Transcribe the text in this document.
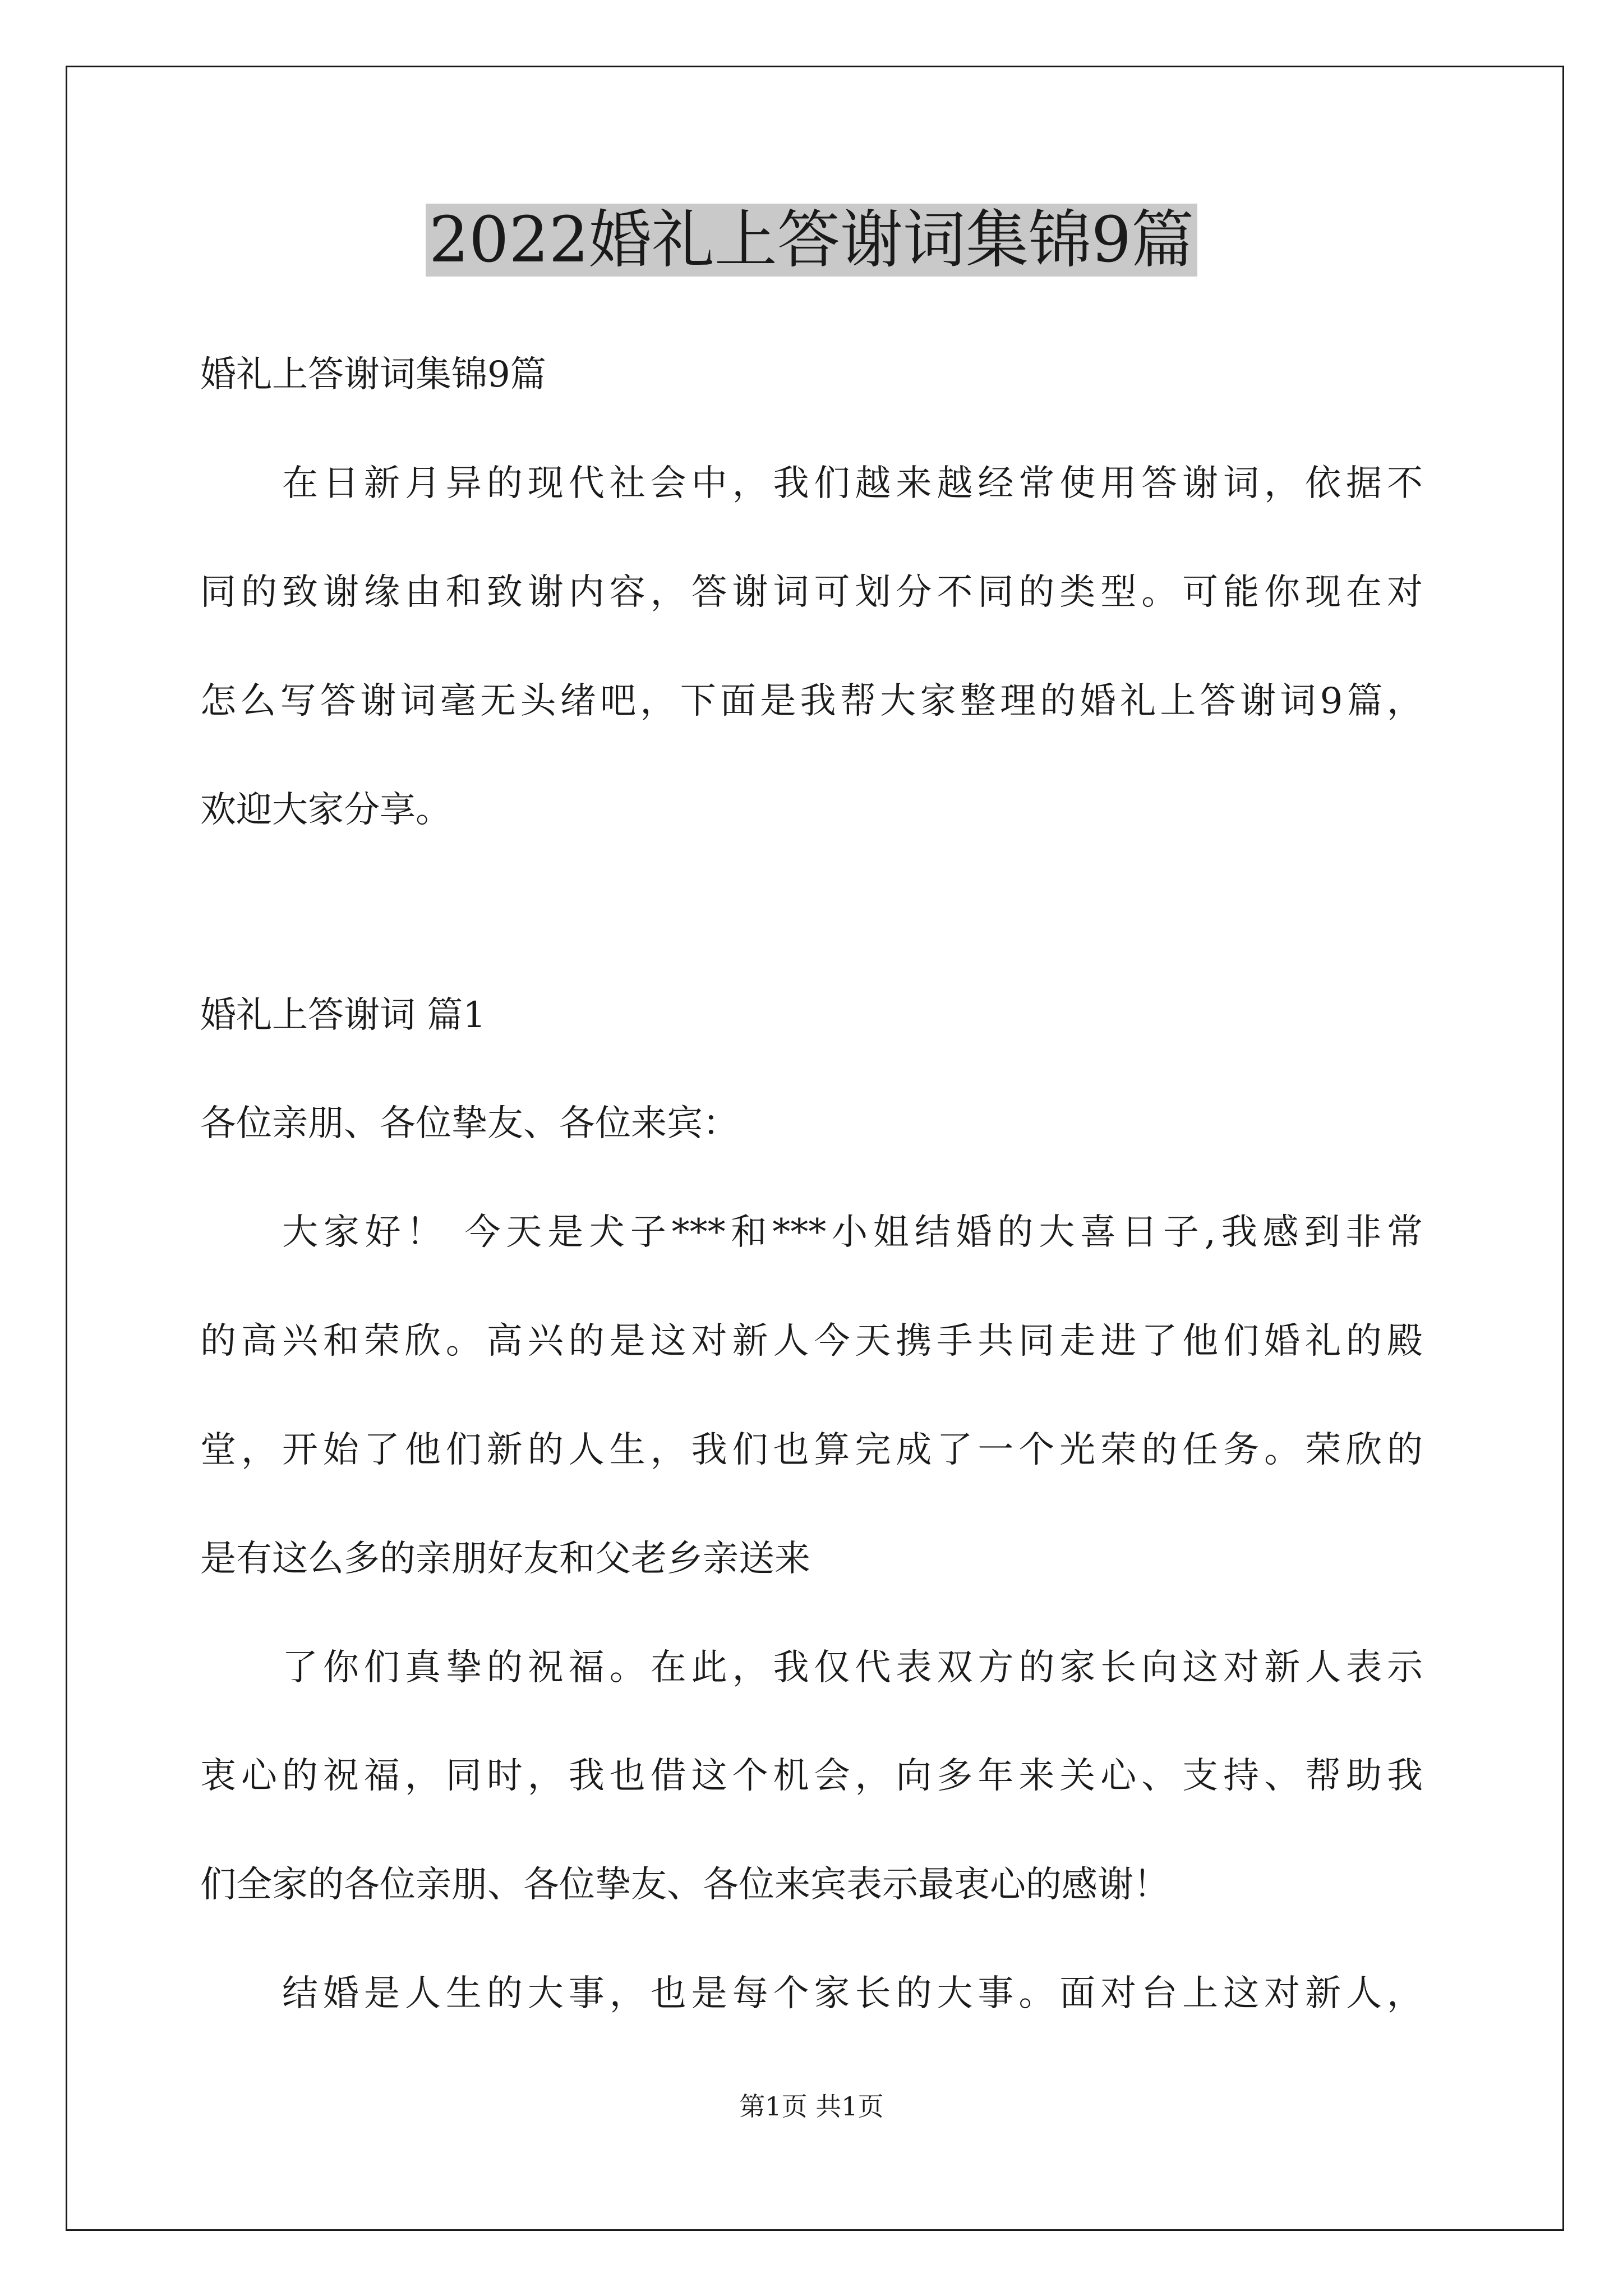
2022婚礼上答谢词集锦9篇
婚礼上答谢词集锦9篇
在日新月异的现代社会中，我们越来越经常使用答谢词，依据不
同的致谢缘由和致谢内容，答谢词可划分不同的类型。可能你现在对
怎么写答谢词毫无头绪吧，下面是我帮大家整理的婚礼上答谢词9篇，
欢迎大家分享。
婚礼上答谢词 篇1
各位亲朋、各位挚友、各位来宾：
大家好！ 今天是犬子***和***小姐结婚的大喜日子,我感到非常
的高兴和荣欣。高兴的是这对新人今天携手共同走进了他们婚礼的殿
堂，开始了他们新的人生，我们也算完成了一个光荣的任务。荣欣的
是有这么多的亲朋好友和父老乡亲送来
了你们真挚的祝福。在此，我仅代表双方的家长向这对新人表示
衷心的祝福，同时，我也借这个机会，向多年来关心、支持、帮助我
们全家的各位亲朋、各位挚友、各位来宾表示最衷心的感谢！
结婚是人生的大事，也是每个家长的大事。面对台上这对新人，
第1页 共1页
